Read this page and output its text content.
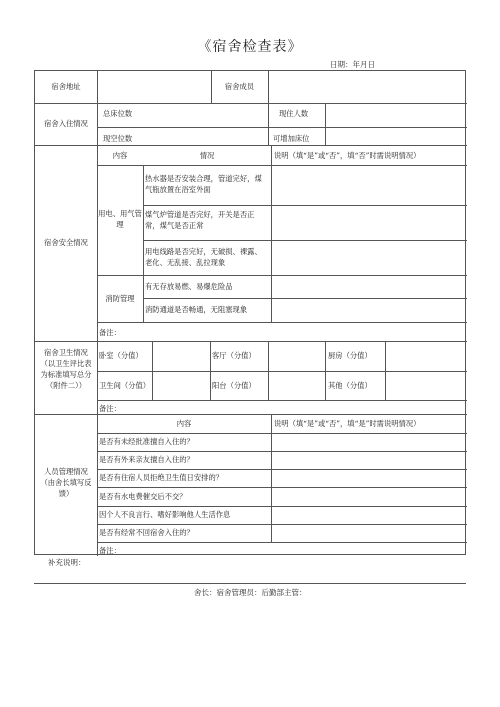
《宿舍检查表》
日期：年月日
宿舍地址	宿舍成员
宿舍入住情况
总床位数	现住人数
现空位数	可增加床位
宿舍安全情况
内容	情况	说明（填“是”或“否”，填“否”时需说明情况）
用电、用气管理
热水器是否安装合理，管道完好，煤气瓶放置在浴室外面
煤气炉管道是否完好，开关是否正常，煤气是否正常
用电线路是否完好，无破损、裸露、老化、无乱接、乱拉现象
消防管理
有无存放易燃、易爆危险品
消防通道是否畅通，无阻塞现象
备注：
宿舍卫生情况（以卫生评比表为标准填写总分（附件二））
卧室（分值）	客厅（分值）	厨房（分值）
卫生间（分值）	阳台（分值）	其他（分值）
备注：
人员管理情况（由舍长填写反馈）
内容	说明（填“是”或“否”，填“是”时需说明情况）
是否有未经批准擅自入住的？
是否有外来亲友擅自入住的？
是否有住宿人员拒绝卫生值日安排的？
是否有水电费催交后不交？
因个人不良言行、嗜好影响他人生活作息
是否有经常不回宿舍入住的？
备注：
补充说明：
舍长：宿舍管理员：后勤部主管：
